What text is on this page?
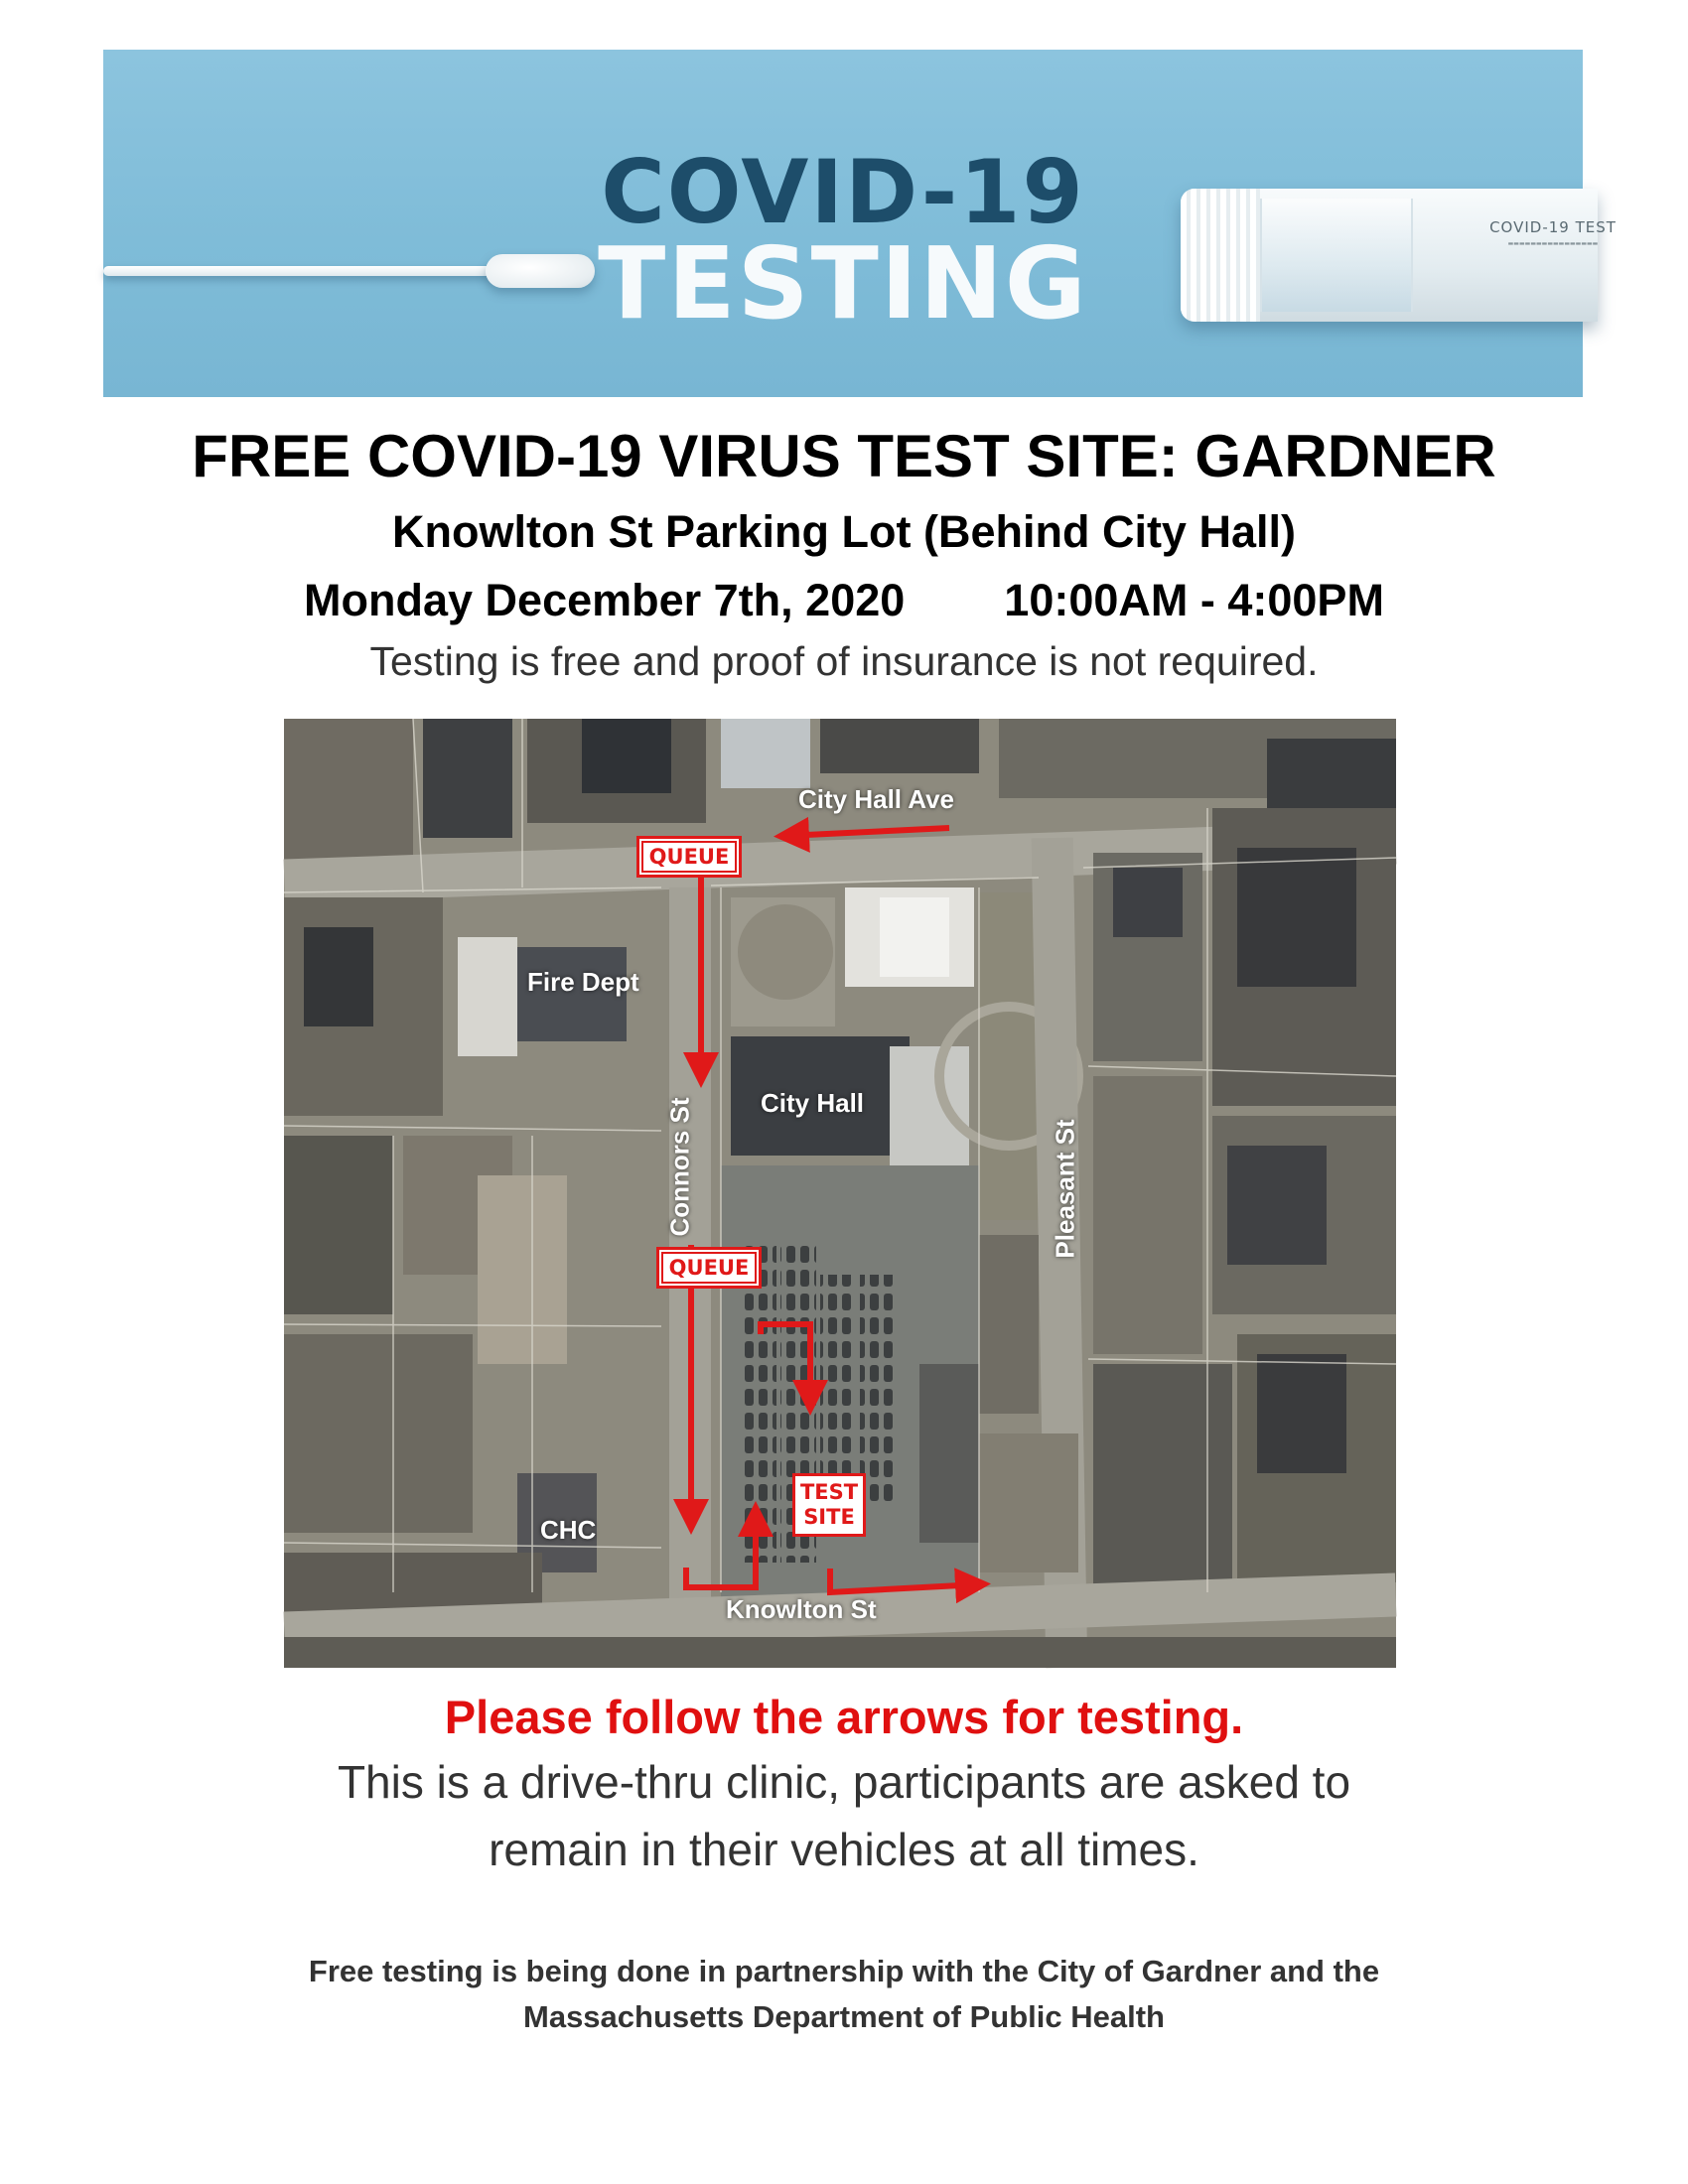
COVID-19 TEST
▬▬▬▬▬▬▬▬▬▬▬▬▬▬▬▬
COVID-19
TESTING
FREE COVID-19 VIRUS TEST SITE: GARDNER
Knowlton St Parking Lot (Behind City Hall)
Monday December 7th, 2020 10:00AM - 4:00PM
Testing is free and proof of insurance is not required.
City Hall Ave
Fire Dept
City Hall
Connors St	Pleasant St
CHC
Knowlton St
QUEUE
QUEUE
TEST
SITE
Please follow the arrows for testing.
This is a drive-thru clinic, participants are asked to
remain in their vehicles at all times.
Free testing is being done in partnership with the City of Gardner and the
Massachusetts Department of Public Health
